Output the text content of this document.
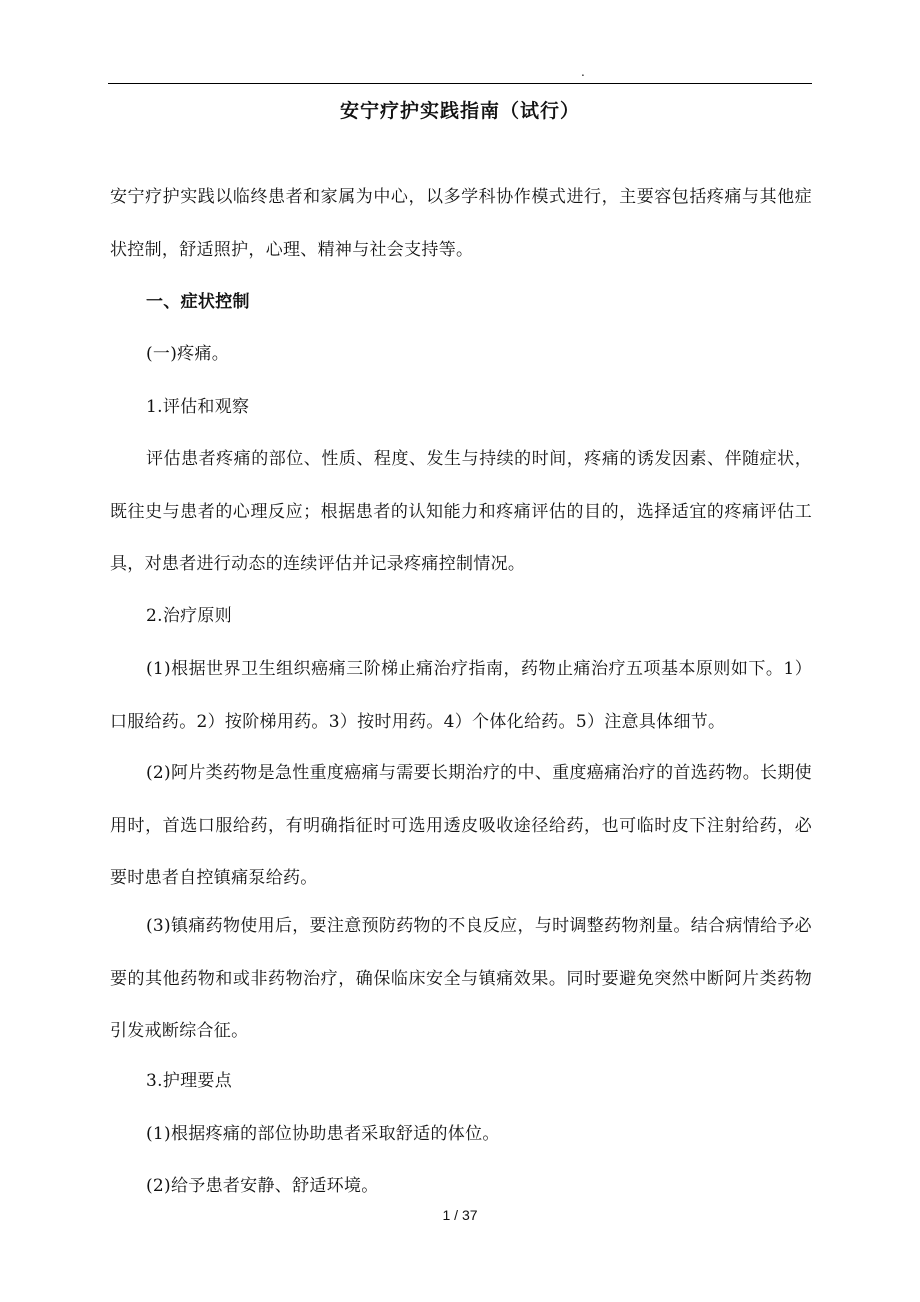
.
安宁疗护实践指南（试行）

安宁疗护实践以临终患者和家属为中心，以多学科协作模式进行，主要容包括疼痛与其他症状控制，舒适照护，心理、精神与社会支持等。

一、症状控制

(一)疼痛。

1.评估和观察

评估患者疼痛的部位、性质、程度、发生与持续的时间，疼痛的诱发因素、伴随症状，既往史与患者的心理反应；根据患者的认知能力和疼痛评估的目的，选择适宜的疼痛评估工具，对患者进行动态的连续评估并记录疼痛控制情况。

2.治疗原则

(1)根据世界卫生组织癌痛三阶梯止痛治疗指南，药物止痛治疗五项基本原则如下。1）口服给药。2）按阶梯用药。3）按时用药。4）个体化给药。5）注意具体细节。

(2)阿片类药物是急性重度癌痛与需要长期治疗的中、重度癌痛治疗的首选药物。长期使用时，首选口服给药，有明确指征时可选用透皮吸收途径给药，也可临时皮下注射给药，必要时患者自控镇痛泵给药。

(3)镇痛药物使用后，要注意预防药物的不良反应，与时调整药物剂量。结合病情给予必要的其他药物和或非药物治疗，确保临床安全与镇痛效果。同时要避免突然中断阿片类药物引发戒断综合征。

3.护理要点

(1)根据疼痛的部位协助患者采取舒适的体位。

(2)给予患者安静、舒适环境。

1 / 37
